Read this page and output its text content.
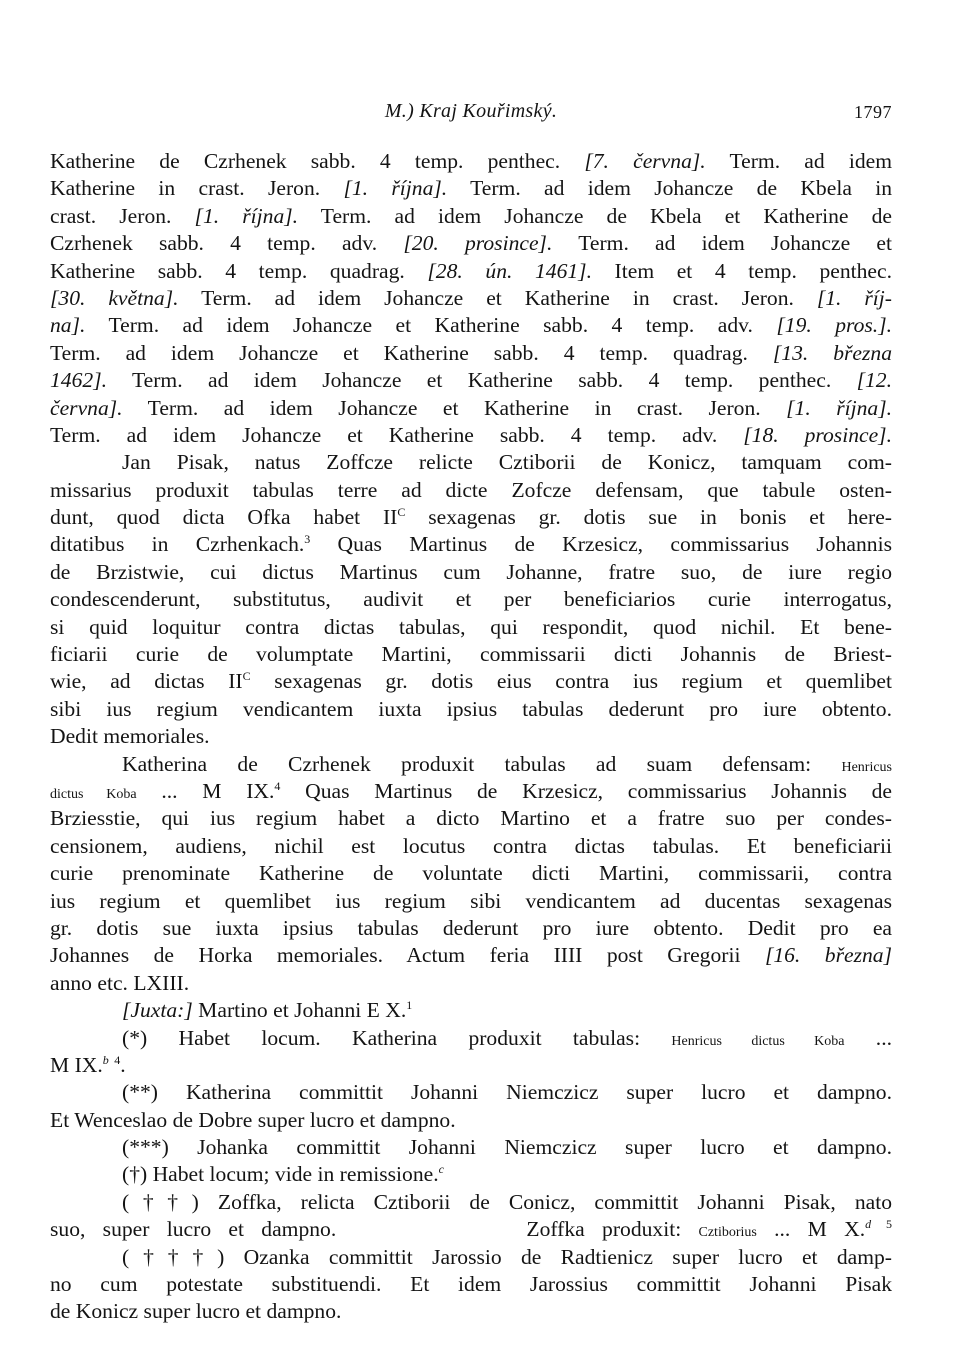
M.) Kraj Kouřimský.	1797
Katherine de Czrhenek sabb. 4 temp. penthec. [7. června]. Term. ad idem
Katherine in crast. Jeron. [1. října]. Term. ad idem Johancze de Kbela in
crast. Jeron. [1. října]. Term. ad idem Johancze de Kbela et Katherine de
Czrhenek sabb. 4 temp. adv. [20. prosince]. Term. ad idem Johancze et
Katherine sabb. 4 temp. quadrag. [28. ún. 1461]. Item et 4 temp. penthec.
[30. května]. Term. ad idem Johancze et Katherine in crast. Jeron. [1. říj-
na]. Term. ad idem Johancze et Katherine sabb. 4 temp. adv. [19. pros.].
Term. ad idem Johancze et Katherine sabb. 4 temp. quadrag. [13. března
1462]. Term. ad idem Johancze et Katherine sabb. 4 temp. penthec. [12.
června]. Term. ad idem Johancze et Katherine in crast. Jeron. [1. října].
Term. ad idem Johancze et Katherine sabb. 4 temp. adv. [18. prosince].
Jan Pisak, natus Zoffcze relicte Cztiborii de Konicz, tamquam com-
missarius produxit tabulas terre ad dicte Zofcze defensam, que tabule osten-
dunt, quod dicta Ofka habet $II^C$ sexagenas gr. dotis sue in bonis et here-
ditatibus in Czrhenkach.$^3$ Quas Martinus de Krzesicz, commissarius Johannis
de Brzistwie, cui dictus Martinus cum Johanne, fratre suo, de iure regio
condescenderunt, substitutus, audivit et per beneficiarios curie interrogatus,
si quid loquitur contra dictas tabulas, qui respondit, quod nichil. Et bene-
ficiarii curie de volumptate Martini, commissarii dicti Johannis de Briest-
wie, ad dictas $II^C$ sexagenas gr. dotis eius contra ius regium et quemlibet
sibi ius regium vendicantem iuxta ipsius tabulas dederunt pro iure obtento.
Dedit memoriales.
Katherina de Czrhenek produxit tabulas ad suam defensam: Henricus
dictus Koba ... M IX.$^4$ Quas Martinus de Krzesicz, commissarius Johannis de
Brziesstie, qui ius regium habet a dicto Martino et a fratre suo per condes-
censionem, audiens, nichil est locutus contra dictas tabulas. Et beneficiarii
curie prenominate Katherine de voluntate dicti Martini, commissarii, contra
ius regium et quemlibet ius regium sibi vendicantem ad ducentas sexagenas
gr. dotis sue iuxta ipsius tabulas dederunt pro iure obtento. Dedit pro ea
Johannes de Horka memoriales. Actum feria IIII post Gregorii [16. března]
anno etc. LXIII.
[Juxta:] Martino et Johanni E X.$^1$
(*) Habet locum. Katherina produxit tabulas: Henricus dictus Koba ...
M IX.$^b$ $^4$.
(**) Katherina committit Johanni Niemczicz super lucro et dampno.
Et Wenceslao de Dobre super lucro et dampno.
(***) Johanka committit Johanni Niemczicz super lucro et dampno.
(†) Habet locum; vide in remissione.$^c$
(††) Zoffka, relicta Cztiborii de Conicz, committit Johanni Pisak, nato
suo, super lucro et dampno.           Zoffka produxit: Cztiborius ... M X.$^{d 5}$
(†††) Ozanka committit Jarossio de Radtienicz super lucro et damp-
no cum potestate substituendi. Et idem Jarossius committit Johanni Pisak
de Konicz super lucro et dampno.
